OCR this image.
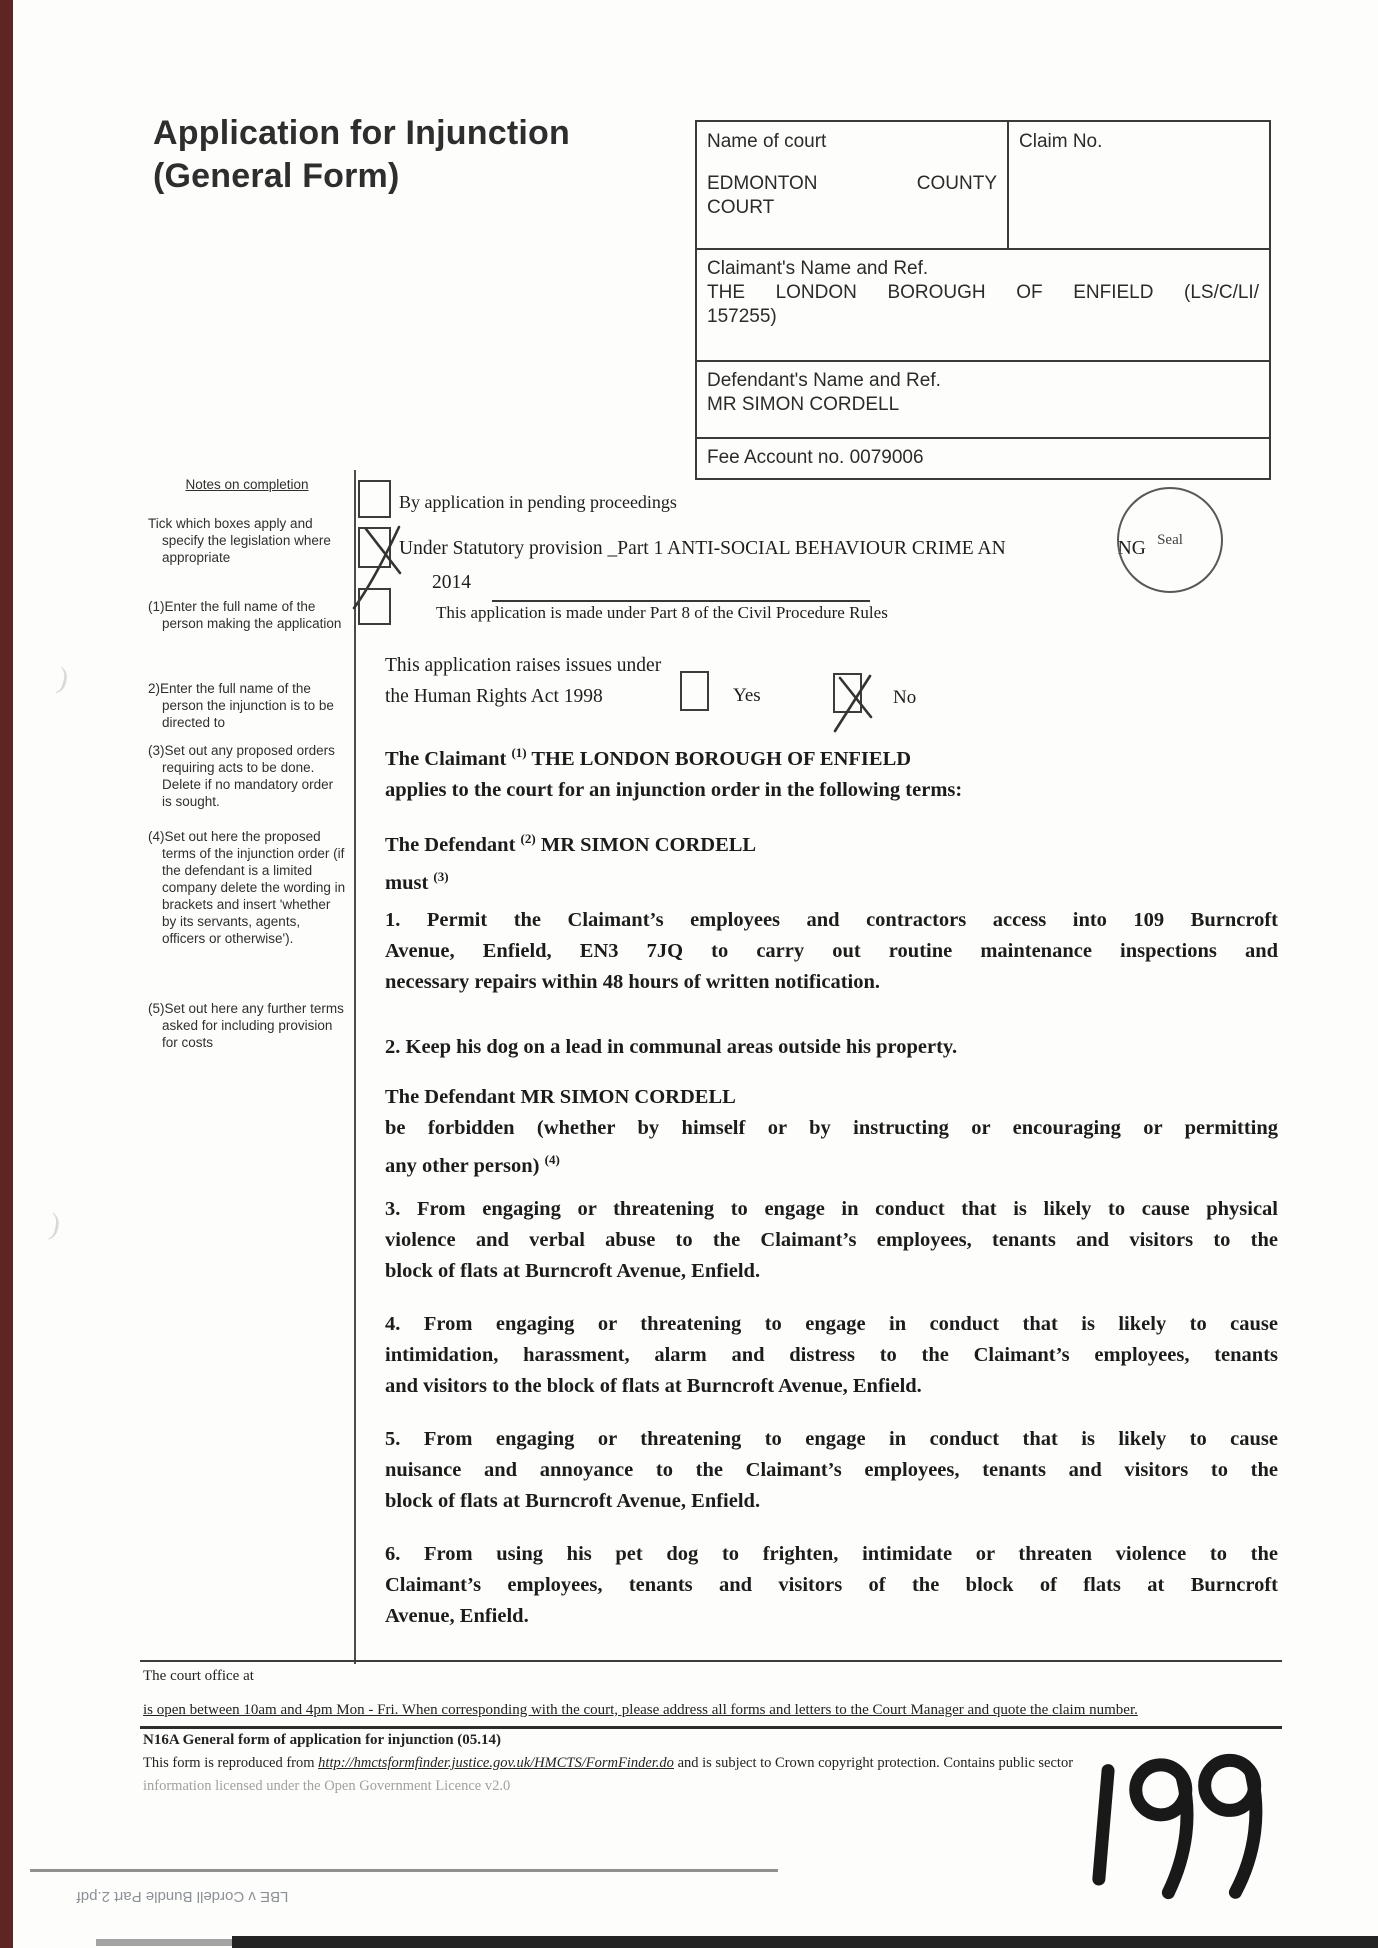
Application for Injunction
(General Form)
Name of court
EDMONTON	COUNTY
COURT
Claim No.
Claimant's Name and Ref.
THE LONDON BOROUGH OF ENFIELD (LS/C/LI/
157255)
Defendant's Name and Ref.
MR SIMON CORDELL
Fee Account no. 0079006
Notes on completion
Tick which boxes apply and specify the legislation where appropriate
(1)Enter the full name of the person making the application
2)Enter the full name of the person the injunction is to be directed to
(3)Set out any proposed orders requiring acts to be done. Delete if no mandatory order is sought.
(4)Set out here the proposed terms of the injunction order (if the defendant is a limited company delete the wording in brackets and insert 'whether by its servants, agents, officers or otherwise').
(5)Set out here any further terms asked for including provision for costs
)
)
By application in pending proceedings
Under Statutory provision _Part 1 ANTI-SOCIAL BEHAVIOUR CRIME AN	NG
2014
This application is made under Part 8 of the Civil Procedure Rules
Seal
This application raises issues under
the Human Rights Act 1998	Yes	No
The Claimant $^{(1)}$ THE LONDON BOROUGH OF ENFIELD
applies to the court for an injunction order in the following terms:
The Defendant $^{(2)}$ MR SIMON CORDELL
must $^{(3)}$
1. Permit the Claimant’s employees and contractors access into 109 Burncroft
Avenue, Enfield, EN3 7JQ to carry out routine maintenance inspections and
necessary repairs within 48 hours of written notification.
2. Keep his dog on a lead in communal areas outside his property.
The Defendant MR SIMON CORDELL
be forbidden (whether by himself or by instructing or encouraging or permitting
any other person) $^{(4)}$
3. From engaging or threatening to engage in conduct that is likely to cause physical
violence and verbal abuse to the Claimant’s employees, tenants and visitors to the
block of flats at Burncroft Avenue, Enfield.
4. From engaging or threatening to engage in conduct that is likely to cause
intimidation, harassment, alarm and distress to the Claimant’s employees, tenants
and visitors to the block of flats at Burncroft Avenue, Enfield.
5. From engaging or threatening to engage in conduct that is likely to cause
nuisance and annoyance to the Claimant’s employees, tenants and visitors to the
block of flats at Burncroft Avenue, Enfield.
6. From using his pet dog to frighten, intimidate or threaten violence to the
Claimant’s employees, tenants and visitors of the block of flats at Burncroft
Avenue, Enfield.
The court office at
is open between 10am and 4pm Mon - Fri. When corresponding with the court, please address all forms and letters to the Court Manager and quote the claim number.
N16A General form of application for injunction (05.14)
This form is reproduced from http://hmctsformfinder.justice.gov.uk/HMCTS/FormFinder.do and is subject to Crown copyright protection. Contains public sector
information licensed under the Open Government Licence v2.0
LBE v Cordell Bundle Part 2.pdf
